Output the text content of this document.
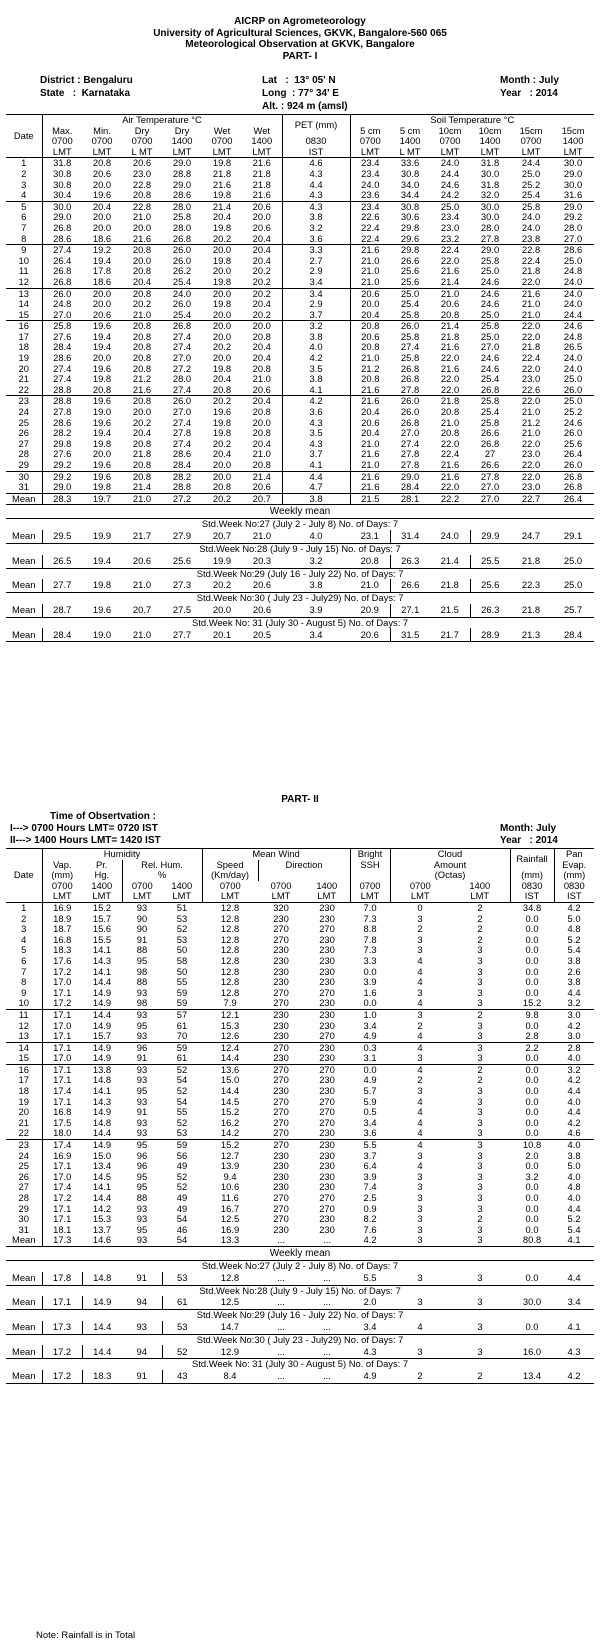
AICRP on Agrometeorology
University of Agricultural Sciences, GKVK, Bangalore-560 065
Meteorological Observation at GKVK, Bangalore
PART- I
District : Bengaluru
State   :  Karnataka
Lat   :  13° 05' N
Long  : 77° 34' E
Alt. : 924 m (amsl)
Month : July
Year   : 2014
Date	Air Temperature °C						PET (mm)	Soil Temperature °C					
	Max.	Min.	Dry	Dry	Wet	Wet		5 cm	5 cm	10cm	10cm	15cm	15cm
	0700	0700	0700	1400	0700	1400	0830	0700	1400	0700	1400	0700	1400
	LMT	LMT	L MT	LMT	LMT	LMT	IST	LMT	L MT	LMT	LMT	LMT	LMT
1	31.8	20.8	20.6	29.0	19.8	21.6	4.6	23.4	33.6	24.0	31.8	24.4	30.0
2	30.8	20.6	23.0	28.8	21.8	21.8	4.3	23.4	30.8	24.4	30.0	25.0	29.0
3	30.8	20.0	22.8	29.0	21.6	21.8	4.4	24.0	34.0	24.6	31.8	25.2	30.0
4	30.4	19.6	20.8	28.6	19.8	21.6	4.3	23.6	34.4	24.2	32.0	25.4	31.6
5	30.0	20.4	22.8	28.0	21.4	20.6	4.3	23.4	30.8	25.0	30.0	25.8	29.0
6	29.0	20.0	21.0	25.8	20.4	20.0	3.8	22.6	30.6	23.4	30.0	24.0	29.2
7	26.8	20.0	20.0	28.0	19.8	20.6	3.2	22.4	29.8	23.0	28.0	24.0	28.0
8	28.6	18.6	21.6	26.8	20.2	20.4	3.6	22.4	29.6	23.2	27.8	23.8	27.0
9	27.4	19.2	20.8	26.0	20.0	20.4	3.3	21.6	29.8	22.4	29.0	22.8	28.6
10	26.4	19.4	20.0	26.0	19.8	20.4	2.7	21.0	26.6	22.0	25.8	22.4	25.0
11	26.8	17.8	20.8	26.2	20.0	20.2	2.9	21.0	25.6	21.6	25.0	21.8	24.8
12	26.8	18.6	20.4	25.4	19.8	20.2	3.4	21.0	25.6	21.4	24.6	22.0	24.0
13	26.0	20.0	20.8	24.0	20.0	20.2	3.4	20.6	25.0	21.0	24.6	21.6	24.0
14	24.8	20.0	20.2	26.0	19.8	20.4	2.9	20.0	25.4	20.6	24.6	21.0	24.0
15	27.0	20.6	21.0	25.4	20.0	20.2	3.7	20.4	25.8	20.8	25.0	21.0	24.4
16	25.8	19.6	20.8	26.8	20.0	20.0	3.2	20.8	26.0	21.4	25.8	22.0	24.6
17	27.6	19.4	20.8	27.4	20.0	20.8	3.8	20.6	25.8	21.8	25.0	22.0	24.8
18	28.4	19.4	20.8	27.4	20.2	20.4	4.0	20.8	27.4	21.6	27.0	21.8	26.5
19	28.6	20.0	20.8	27.0	20.0	20.4	4.2	21.0	25.8	22.0	24.6	22.4	24.0
20	27.4	19.6	20.8	27.2	19.8	20.8	3.5	21.2	26.8	21.6	24.6	22.0	24.0
21	27.4	19.8	21.2	28.0	20.4	21.0	3.8	20.8	26.8	22.0	25.4	23.0	25.0
22	28.8	20.8	21.6	27.4	20.8	20.6	4.1	21.6	27.8	22.0	26.8	22.6	26.0
23	28.8	19.6	20.8	26.0	20.2	20.4	4.2	21.6	26.0	21.8	25.8	22.0	25.0
24	27.8	19.0	20.0	27.0	19.6	20.8	3.6	20.4	26.0	20.8	25.4	21.0	25.2
25	28.6	19.6	20.2	27.4	19.8	20.0	4.3	20.6	26.8	21.0	25.8	21.2	24.6
26	28.2	19.4	20.4	27.8	19.8	20.8	3.5	20.4	27.0	20.8	26.6	21.0	26.0
27	29.8	19.8	20.8	27.4	20.2	20.4	4.3	21.0	27.4	22.0	26.8	22.0	25.6
28	27.6	20.0	21.8	28.6	20.4	21.0	3.7	21.6	27.8	22.4	27	23.0	26.4
29	29.2	19.6	20.8	28.4	20.0	20.8	4.1	21.0	27.8	21.6	26.6	22.0	26.0
30	29.2	19.6	20.8	28.2	20.0	21.4	4.4	21.6	29.0	21.6	27.8	22.0	26.8
31	29.0	19.8	21.4	28.8	20.8	20.6	4.7	21.6	28.4	22.0	27.0	23.0	26.8
Mean	28.3	19.7	21.0	27.2	20.2	20.7	3.8	21.5	28.1	22.2	27.0	22.7	26.4
Weekly mean
Std.Week No:27 (July 2 - July 8) No. of Days: 7
Mean	29.5	19.9	21.7	27.9	20.7	21.0	4.0	23.1	31.4	24.0	29.9	24.7	29.1
Std.Week No:28 (July 9 - July 15) No. of Days: 7
Mean	26.5	19.4	20.6	25.6	19.9	20.3	3.2	20.8	26.3	21.4	25.5	21.8	25.0
Std.Week No:29 (July 16 - July 22) No. of Days: 7
Mean	27.7	19.8	21.0	27.3	20.2	20.6	3.8	21.0	26.6	21.8	25.6	22.3	25.0
Std.Week No:30 ( July 23 - July29) No. of Days: 7
Mean	28.7	19.6	20.7	27.5	20.0	20.6	3.9	20.9	27.1	21.5	26.3	21.8	25.7
Std.Week No: 31 (July 30 - August 5) No. of Days: 7
Mean	28.4	19.0	21.0	27.7	20.1	20.5	3.4	20.6	31.5	21.7	28.9	21.3	28.4
PART- II
Time of Obsertvation :
I---> 0700 Hours LMT= 0720 IST
II---> 1400 Hours LMT= 1420 IST
Month: July
Year   : 2014
Date	Humidity				Mean Wind			Bright	Cloud		Rainfall	Pan
	Vap.	Pr.	Rel. Hum.		Speed	Direction		SSH	Amount			Evap.
	(mm)	Hg.	%		(Km/day)				(Octas)		(mm)	(mm)
	0700	1400	0700	1400	0700	0700	1400	0700	0700	1400	0830	0830
	LMT	LMT	LMT	LMT	LMT	LMT	LMT	LMT	LMT	LMT	IST	IST
1	16.9	15.2	93	51	12.8	320	230	7.0	0	2	34.8	4.2
2	18.9	15.7	90	53	12.8	230	230	7.3	3	2	0.0	5.0
3	18.7	15.6	90	52	12.8	270	270	8.8	2	2	0.0	4.8
4	16.8	15.5	91	53	12.8	270	230	7.8	3	2	0.0	5.2
5	18.3	14.1	88	50	12.8	230	230	7.3	3	3	0.0	5.4
6	17.6	14.3	95	58	12.8	230	230	3.3	4	3	0.0	3.8
7	17.2	14.1	98	50	12.8	230	230	0.0	4	3	0.0	2.6
8	17.0	14.4	88	55	12.8	230	230	3.9	4	3	0.0	3.8
9	17.1	14.9	93	59	12.8	270	270	1.6	3	3	0.0	4.4
10	17.2	14.9	98	59	7.9	270	230	0.0	4	3	15.2	3.2
11	17.1	14.4	93	57	12.1	230	230	1.0	3	2	9.8	3.0
12	17.0	14.9	95	61	15.3	230	230	3.4	2	3	0.0	4.2
13	17.1	15.7	93	70	12.6	230	270	4.9	4	3	2.8	3.0
14	17.1	14.9	96	59	12.4	270	230	0.3	4	3	2.2	2.8
15	17.0	14.9	91	61	14.4	230	230	3.1	3	3	0.0	4.0
16	17.1	13.8	93	52	13.6	270	270	0.0	4	2	0.0	3.2
17	17.1	14.8	93	54	15.0	270	230	4.9	2	2	0.0	4.2
18	17.4	14.1	95	52	14.4	230	230	5.7	3	3	0.0	4.4
19	17.1	14.3	93	54	14.5	270	270	5.9	4	3	0.0	4.0
20	16.8	14.9	91	55	15.2	270	270	0.5	4	3	0.0	4.4
21	17.5	14.8	93	52	16.2	270	270	3.4	4	3	0.0	4.2
22	18.0	14.4	93	53	14.2	270	230	3.6	4	3	0.0	4.6
23	17.4	14.9	95	59	15.2	270	230	5.5	4	3	10.8	4.0
24	16.9	15.0	96	56	12.7	230	230	3.7	3	3	2.0	3.8
25	17.1	13.4	96	49	13.9	230	230	6.4	4	3	0.0	5.0
26	17.0	14.5	95	52	9.4	230	230	3.9	3	3	3.2	4.0
27	17.4	14.1	95	52	10.6	230	230	7.4	3	3	0.0	4.8
28	17.2	14.4	88	49	11.6	270	270	2.5	3	3	0.0	4.0
29	17.1	14.2	93	49	16.7	270	270	0.9	3	3	0.0	4.4
30	17.1	15.3	93	54	12.5	270	230	8.2	3	2	0.0	5.2
31	18.1	13.7	95	46	16.9	230	230	7.6	3	3	0.0	5.4
Mean	17.3	14.6	93	54	13.3	...	...	4.2	3	3	80.8	4.1
Weekly mean
Std.Week No:27 (July 2 - July 8) No. of Days: 7
Mean	17.8	14.8	91	53	12.8	...	...	5.5	3	3	0.0	4.4
Std.Week No:28 (July 9 - July 15) No. of Days: 7
Mean	17.1	14.9	94	61	12.5	...	...	2.0	3	3	30.0	3.4
Std.Week No:29 (July 16 - July 22) No. of Days: 7
Mean	17.3	14.4	93	53	14.7	...	...	3.4	4	3	0.0	4.1
Std.Week No:30 ( July 23 - July29) No. of Days: 7
Mean	17.2	14.4	94	52	12.9	...	...	4.3	3	3	16.0	4.3
Std.Week No: 31 (July 30 - August 5) No. of Days: 7
Mean	17.2	18.3	91	43	8.4	...	...	4.9	2	2	13.4	4.2
Note: Rainfall is in Total
